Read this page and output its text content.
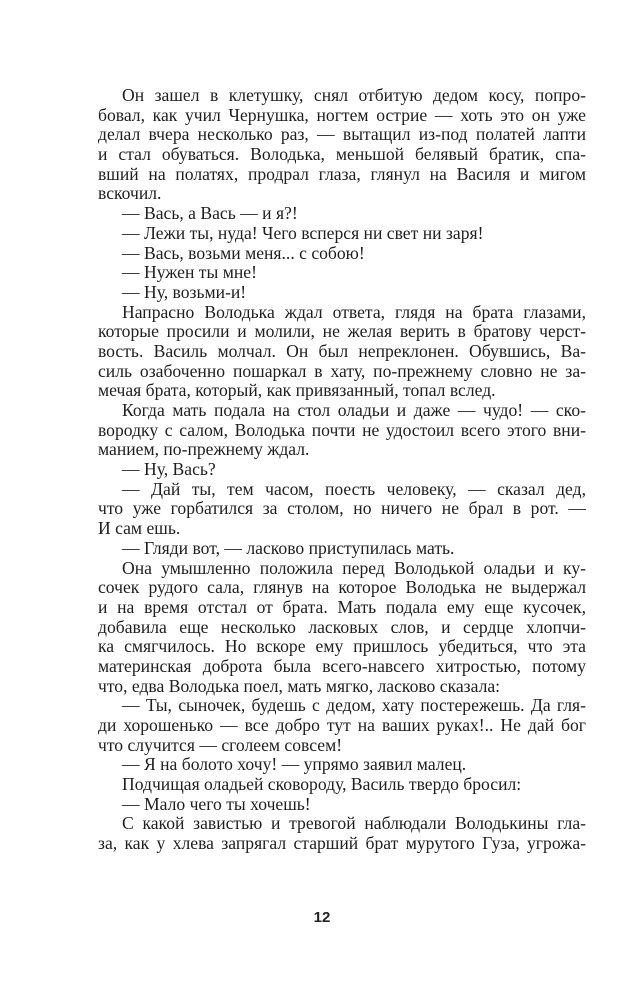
Он зашел в клетушку, снял отбитую дедом косу, попро-
бовал, как учил Чернушка, ногтем острие — хоть это он уже
делал вчера несколько раз, — вытащил из-под полатей лапти
и стал обуваться. Володька, меньшой белявый братик, спа-
вший на полатях, продрал глаза, глянул на Василя и мигом
вскочил.
— Вась, а Вась — и я?!
— Лежи ты, нуда! Чего всперся ни свет ни заря!
— Вась, возьми меня... с собою!
— Нужен ты мне!
— Ну, возьми-и!
Напрасно Володька ждал ответа, глядя на брата глазами,
которые просили и молили, не желая верить в братову черст-
вость. Василь молчал. Он был непреклонен. Обувшись, Ва-
силь озабоченно пошаркал в хату, по-прежнему словно не за-
мечая брата, который, как привязанный, топал вслед.
Когда мать подала на стол оладьи и даже — чудо! — ско-
вородку с салом, Володька почти не удостоил всего этого вни-
манием, по-прежнему ждал.
— Ну, Вась?
— Дай ты, тем часом, поесть человеку, — сказал дед,
что уже горбатился за столом, но ничего не брал в рот. —
И сам ешь.
— Гляди вот, — ласково приступилась мать.
Она умышленно положила перед Володькой оладьи и ку-
сочек рудого сала, глянув на которое Володька не выдержал
и на время отстал от брата. Мать подала ему еще кусочек,
добавила еще несколько ласковых слов, и сердце хлопчи-
ка смягчилось. Но вскоре ему пришлось убедиться, что эта
материнская доброта была всего-навсего хитростью, потому
что, едва Володька поел, мать мягко, ласково сказала:
— Ты, сыночек, будешь с дедом, хату постережешь. Да гля-
ди хорошенько — все добро тут на ваших руках!.. Не дай бог
что случится — сголеем совсем!
— Я на болото хочу! — упрямо заявил малец.
Подчищая оладьей сковороду, Василь твердо бросил:
— Мало чего ты хочешь!
С какой завистью и тревогой наблюдали Володькины гла-
за, как у хлева запрягал старший брат мурутого Гуза, угрожа-
12
